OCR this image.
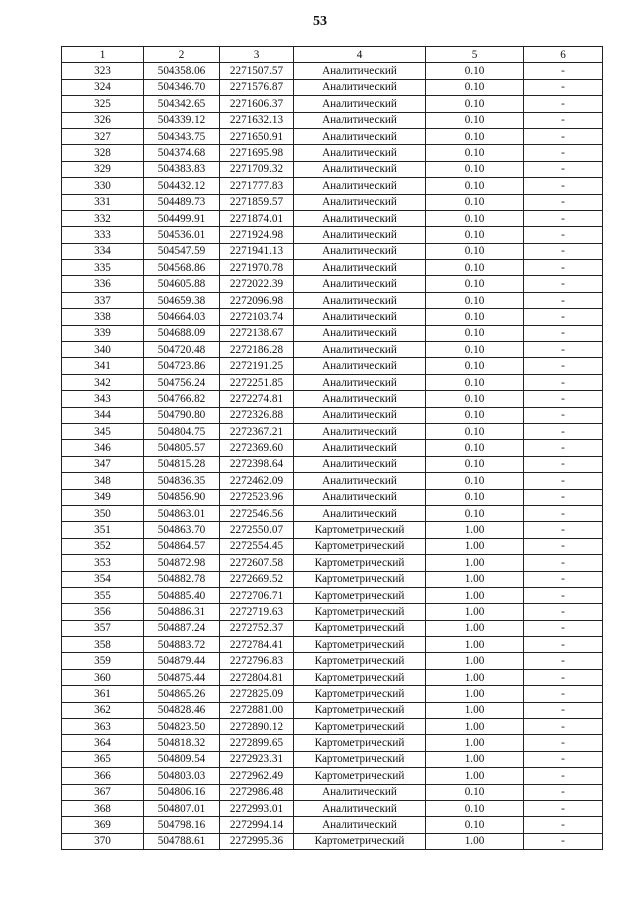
53
1	2	3	4	5	6
323	504358.06	2271507.57	Аналитический	0.10	-
324	504346.70	2271576.87	Аналитический	0.10	-
325	504342.65	2271606.37	Аналитический	0.10	-
326	504339.12	2271632.13	Аналитический	0.10	-
327	504343.75	2271650.91	Аналитический	0.10	-
328	504374.68	2271695.98	Аналитический	0.10	-
329	504383.83	2271709.32	Аналитический	0.10	-
330	504432.12	2271777.83	Аналитический	0.10	-
331	504489.73	2271859.57	Аналитический	0.10	-
332	504499.91	2271874.01	Аналитический	0.10	-
333	504536.01	2271924.98	Аналитический	0.10	-
334	504547.59	2271941.13	Аналитический	0.10	-
335	504568.86	2271970.78	Аналитический	0.10	-
336	504605.88	2272022.39	Аналитический	0.10	-
337	504659.38	2272096.98	Аналитический	0.10	-
338	504664.03	2272103.74	Аналитический	0.10	-
339	504688.09	2272138.67	Аналитический	0.10	-
340	504720.48	2272186.28	Аналитический	0.10	-
341	504723.86	2272191.25	Аналитический	0.10	-
342	504756.24	2272251.85	Аналитический	0.10	-
343	504766.82	2272274.81	Аналитический	0.10	-
344	504790.80	2272326.88	Аналитический	0.10	-
345	504804.75	2272367.21	Аналитический	0.10	-
346	504805.57	2272369.60	Аналитический	0.10	-
347	504815.28	2272398.64	Аналитический	0.10	-
348	504836.35	2272462.09	Аналитический	0.10	-
349	504856.90	2272523.96	Аналитический	0.10	-
350	504863.01	2272546.56	Аналитический	0.10	-
351	504863.70	2272550.07	Картометрический	1.00	-
352	504864.57	2272554.45	Картометрический	1.00	-
353	504872.98	2272607.58	Картометрический	1.00	-
354	504882.78	2272669.52	Картометрический	1.00	-
355	504885.40	2272706.71	Картометрический	1.00	-
356	504886.31	2272719.63	Картометрический	1.00	-
357	504887.24	2272752.37	Картометрический	1.00	-
358	504883.72	2272784.41	Картометрический	1.00	-
359	504879.44	2272796.83	Картометрический	1.00	-
360	504875.44	2272804.81	Картометрический	1.00	-
361	504865.26	2272825.09	Картометрический	1.00	-
362	504828.46	2272881.00	Картометрический	1.00	-
363	504823.50	2272890.12	Картометрический	1.00	-
364	504818.32	2272899.65	Картометрический	1.00	-
365	504809.54	2272923.31	Картометрический	1.00	-
366	504803.03	2272962.49	Картометрический	1.00	-
367	504806.16	2272986.48	Аналитический	0.10	-
368	504807.01	2272993.01	Аналитический	0.10	-
369	504798.16	2272994.14	Аналитический	0.10	-
370	504788.61	2272995.36	Картометрический	1.00	-
